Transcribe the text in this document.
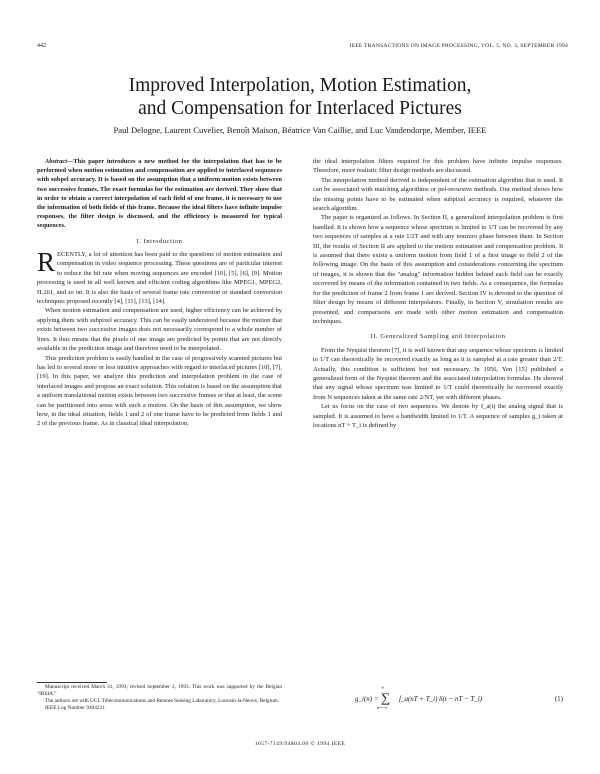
442	IEEE TRANSACTIONS ON IMAGE PROCESSING, VOL. 5, NO. 3, SEPTEMBER 1994
Improved Interpolation, Motion Estimation,
and Compensation for Interlaced Pictures
Paul Delogne, Laurent Cuvelier, Benoît Maison, Béatrice Van Caillie, and Luc Vandendorpe, Member, IEEE

Abstract—This paper introduces a new method for the interpolation that has to be performed when motion estimation and compensation are applied to interlaced sequences with subpel accuracy. It is based on the assumption that a uniform motion exists between two successive frames. The exact formulas for the estimation are derived. They show that in order to obtain a correct interpolation of each field of one frame, it is necessary to use the information of both fields of this frame. Because the ideal filters have infinite impulse responses, the filter design is discussed, and the efficiency is measured for typical sequences.

I. Introduction

RECENTLY, a lot of attention has been paid to the questions of motion estimation and compensation in video sequence processing. These questions are of particular interest to reduce the bit rate when moving sequences are encoded [10], [5], [6], [9]. Motion processing is used in all well known and efficient coding algorithms like MPEG1, MPEG2, H.261, and so on. It is also the basis of several frame rate conversion or standard conversion techniques proposed recently [4], [11], [13], [14].

When motion estimation and compensation are used, higher efficiency can be achieved by applying them with subpixel accuracy. This can be easily understood because the motion that exists between two successive images does not necessarily correspond to a whole number of lines. It thus means that the pixels of one image are predicted by points that are not directly available in the prediction image and therefore need to be interpolated.

This prediction problem is easily handled in the case of progressively scanned pictures but has led to several more or less intuitive approaches with regard to interlaced pictures [10], [7], [19]. In this paper, we analyze this prediction and interpolation problem in the case of interlaced images and propose an exact solution. This solution is based on the assumption that a uniform translational motion exists between two successive frames or that at least, the scene can be partitioned into areas with such a motion. On the basis of this assumption, we show how, in the ideal situation, fields 1 and 2 of one frame have to be predicted from fields 1 and 2 of the previous frame. As in classical ideal interpolation,

Manuscript received March 31, 1993; revised September 2, 1993. This work was supported by the Belgian "IRSIA."

The authors are with UCL Télécommunications and Remote Sensing Laboratory, Louvain-la-Neuve, Belgium.

IEEE Log Number 9404211.

the ideal interpolation filters required for this problem have infinite impulse responses. Therefore, more realistic filter design methods are discussed.

The interpolation method derived is independent of the estimation algorithm that is used. It can be associated with matching algorithms or pel-recursive methods. Our method shows how the missing points have to be estimated when subpixel accuracy is required, whatever the search algorithm.

The paper is organized as follows. In Section II, a generalized interpolation problem is first handled. It is shown how a sequence whose spectrum is limited to 1/T can be recovered by any two sequences of samples at a rate 1/2T and with any nonzero phase between them. In Section III, the results of Section II are applied to the motion estimation and compensation problem. It is assumed that there exists a uniform motion from field 1 of a first image to field 2 of the following image. On the basis of this assumption and considerations concerning the spectrum of images, it is shown that the "analog" information hidden behind each field can be exactly recovered by means of the information contained in two fields. As a consequence, the formulas for the prediction of frame 2 from frame 1 are derived. Section IV is devoted to the question of filter design by means of different interpolators. Finally, in Section V, simulation results are presented, and comparisons are made with other motion estimation and compensation techniques.

II. Generalized Sampling and Interpolation

From the Nyquist theorem [7], it is well known that any sequence whose spectrum is limited to 1/T can theoretically be recovered exactly as long as it is sampled at a rate greater than 2/T. Actually, this condition is sufficient but not necessary. In 1956, Yen [15] published a generalized form of the Nyquist theorem and the associated interpolation formulas. He showed that any signal whose spectrum was limited to 1/T could theoretically be recovered exactly from N sequences taken at the same rate 2/NT, yet with different phases.

Let us focus on the case of two sequences. We denote by f_a(t) the analog signal that is sampled. It is assumed to have a bandwidth limited to 1/T. A sequence of samples g_i taken at locations nT + T_i is defined by

g_i(n) =
∞
∑
n=−∞
f_a(nT + T_i) δ(t − nT − T_i)	(1)
1057-7149/94$04.00 © 1994 IEEE
